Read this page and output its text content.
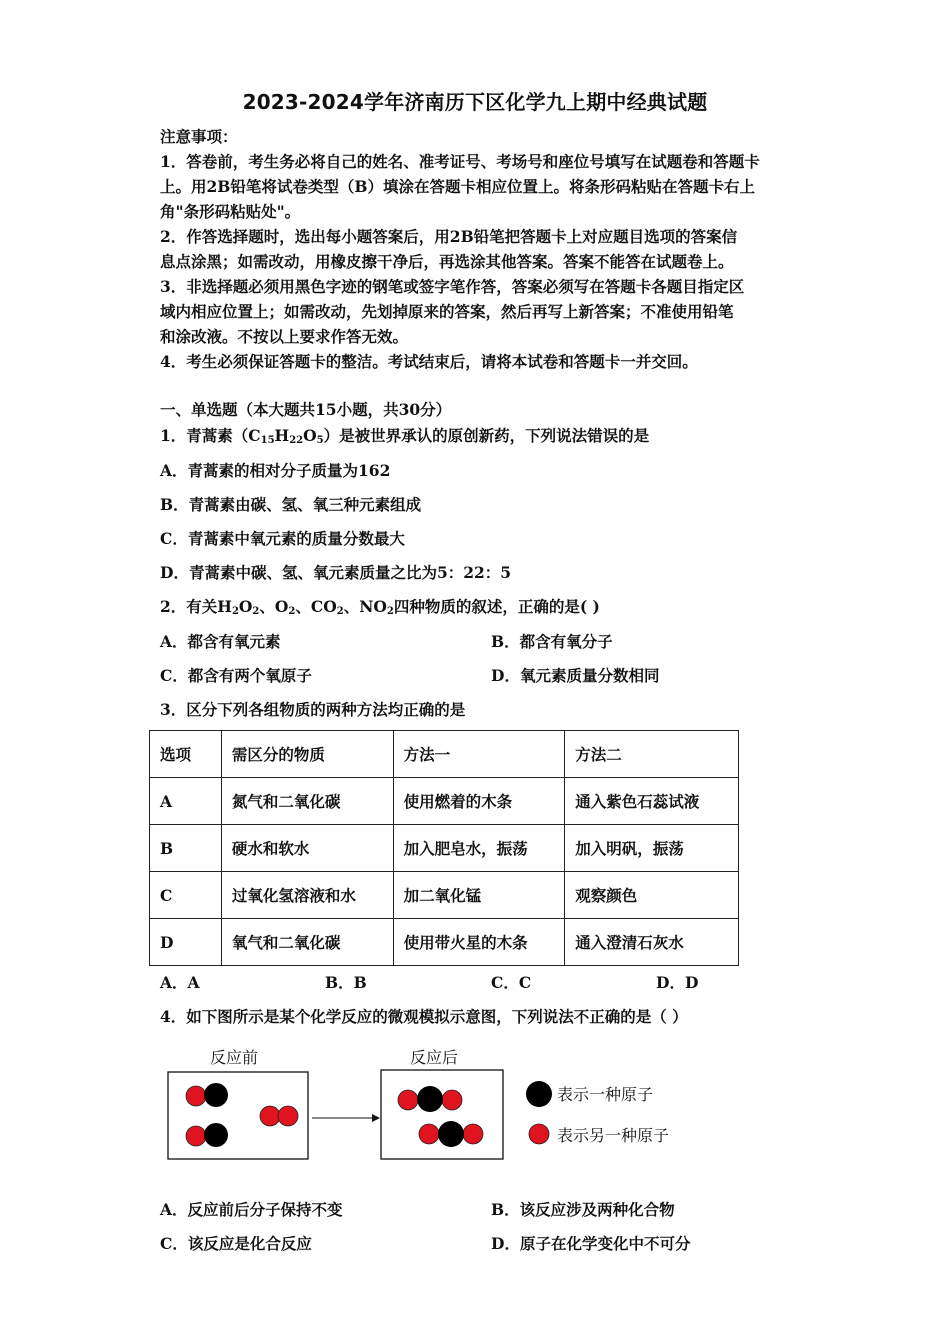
2023-2024学年济南历下区化学九上期中经典试题
注意事项：
1．答卷前，考生务必将自己的姓名、准考证号、考场号和座位号填写在试题卷和答题卡
上。用2B铅笔将试卷类型（B）填涂在答题卡相应位置上。将条形码粘贴在答题卡右上
角"条形码粘贴处"。
2．作答选择题时，选出每小题答案后，用2B铅笔把答题卡上对应题目选项的答案信
息点涂黑；如需改动，用橡皮擦干净后，再选涂其他答案。答案不能答在试题卷上。
3．非选择题必须用黑色字迹的钢笔或签字笔作答，答案必须写在答题卡各题目指定区
域内相应位置上；如需改动，先划掉原来的答案，然后再写上新答案；不准使用铅笔
和涂改液。不按以上要求作答无效。
4．考生必须保证答题卡的整洁。考试结束后，请将本试卷和答题卡一并交回。
一、单选题（本大题共15小题，共30分）
1．青蒿素$(C_{15}H_{22}O_5)$是被世界承认的原创新药，下列说法错误的是
A．青蒿素的相对分子质量为162
B．青蒿素由碳、氢、氧三种元素组成
C．青蒿素中氧元素的质量分数最大
D．青蒿素中碳、氢、氧元素质量之比为5：22：5
2．有关$H_2O_2$、$O_2$、$CO_2$、$NO_2$四种物质的叙述，正确的是( )
A．都含有氧元素	B．都含有氧分子
C．都含有两个氧原子	D．氧元素质量分数相同
3．区分下列各组物质的两种方法均正确的是
选项	需区分的物质	方法一	方法二
A	氮气和二氧化碳	使用燃着的木条	通入紫色石蕊试液
B	硬水和软水	加入肥皂水，振荡	加入明矾，振荡
C	过氧化氢溶液和水	加二氧化锰	观察颜色
D	氧气和二氧化碳	使用带火星的木条	通入澄清石灰水
A．A	B．B	C．C	D．D
4．如下图所示是某个化学反应的微观模拟示意图，下列说法不正确的是（ ）
反应前	反应后
表示一种原子
表示另一种原子
A．反应前后分子保持不变	B．该反应涉及两种化合物
C．该反应是化合反应	D．原子在化学变化中不可分
